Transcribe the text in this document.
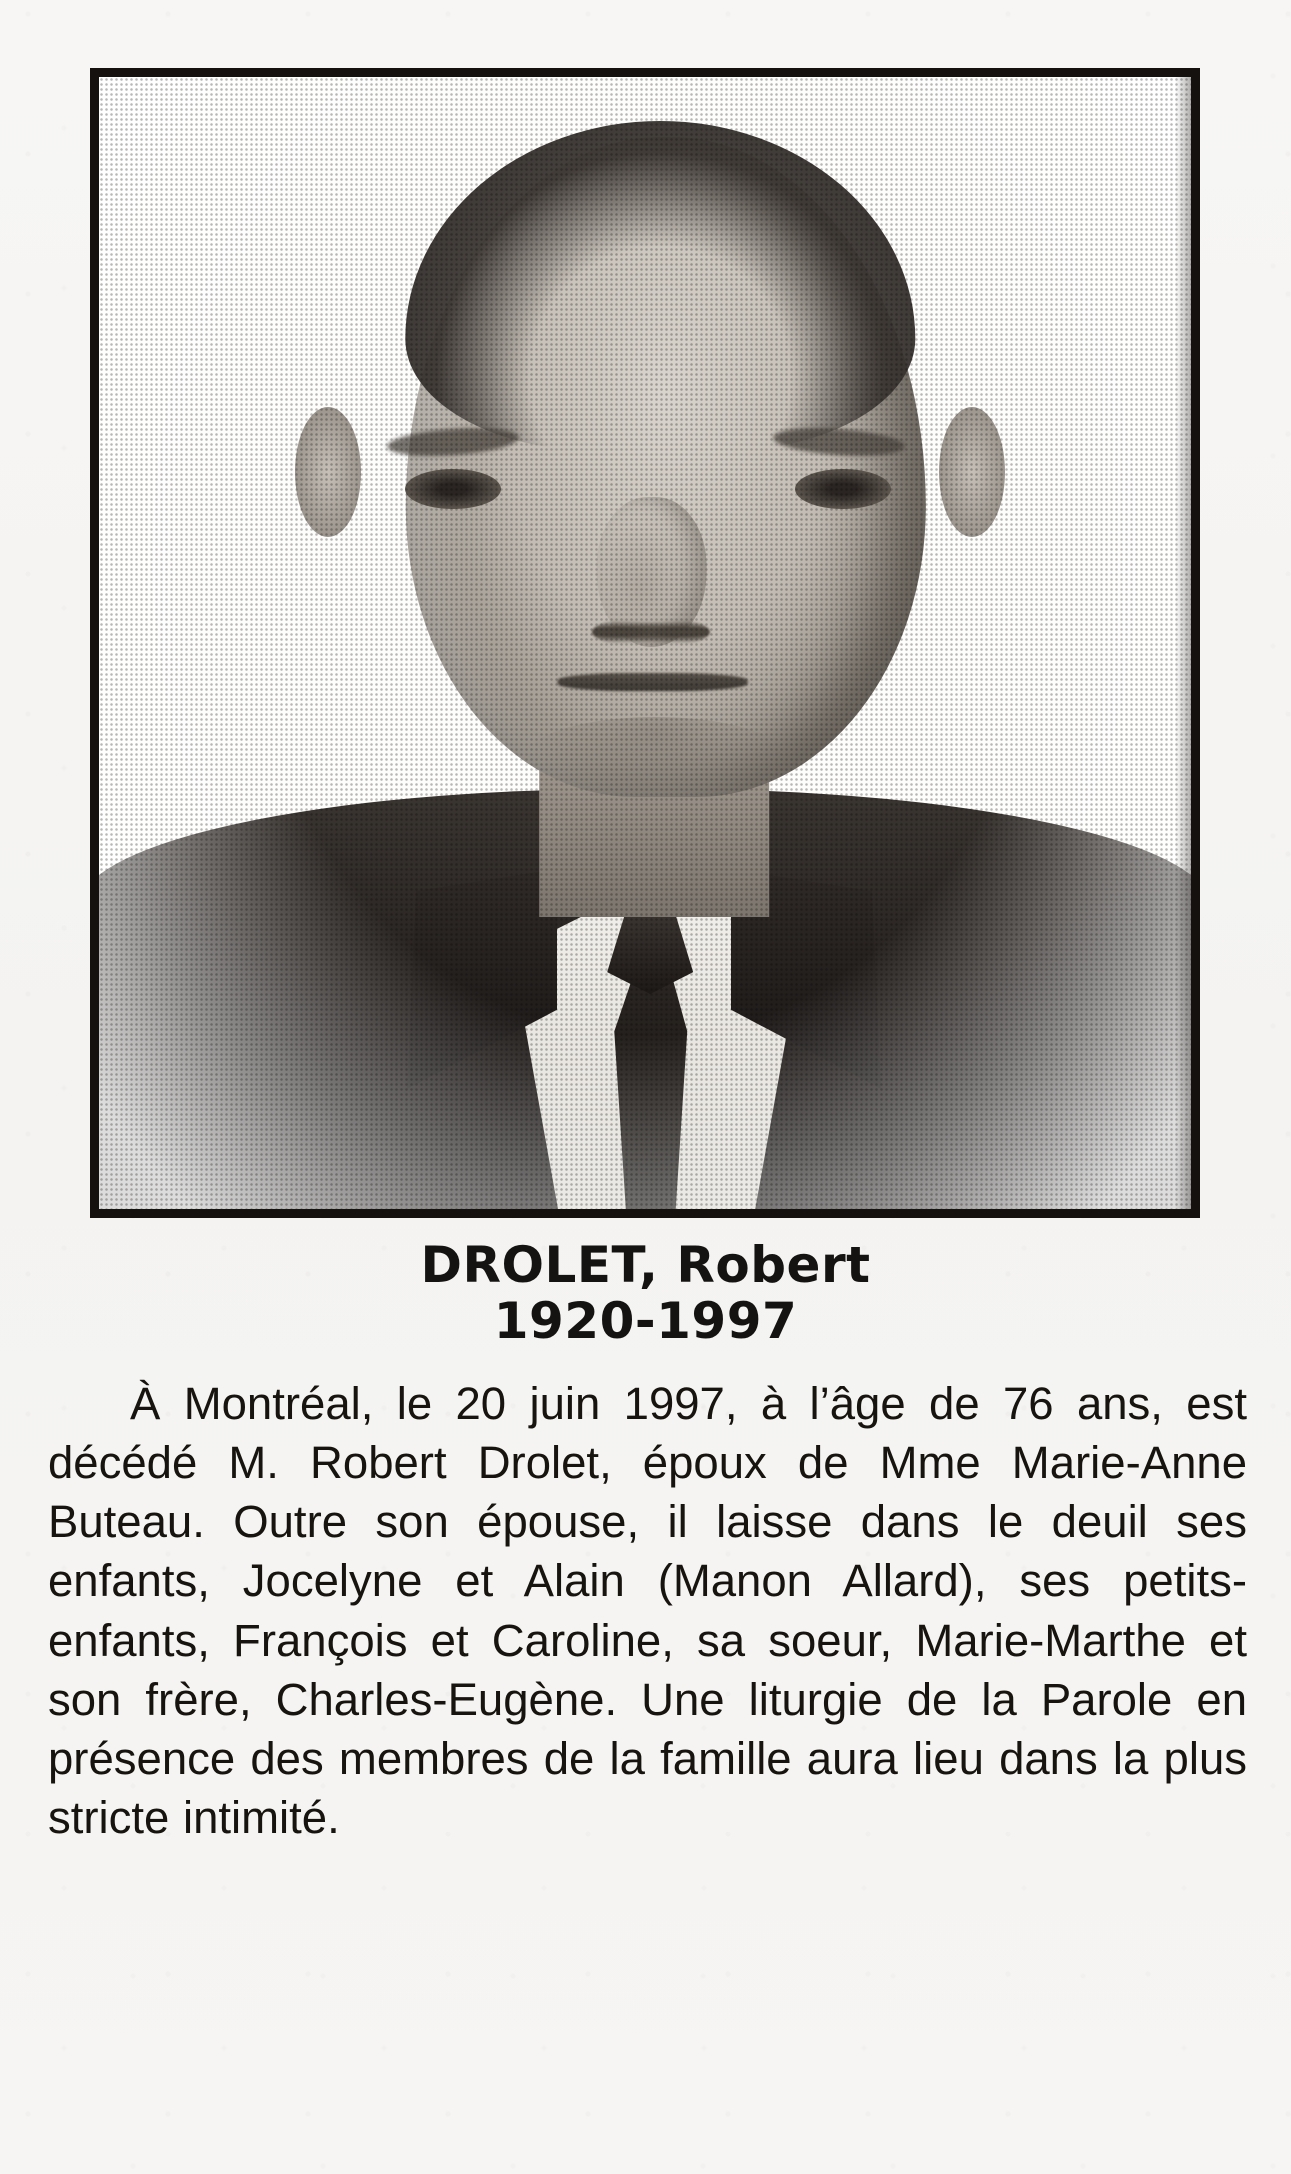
DROLET, Robert
1920-1997
À Montréal, le 20 juin 1997, à l’âge de 76 ans, est décédé M. Robert Drolet, époux de Mme Marie-Anne Buteau. Outre son épouse, il laisse dans le deuil ses enfants, Jocelyne et Alain (Manon Allard), ses petits-enfants, François et Caroline, sa soeur, Marie-Marthe et son frère, Charles-Eugène. Une liturgie de la Parole en présence des membres de la famille aura lieu dans la plus stricte intimité.
